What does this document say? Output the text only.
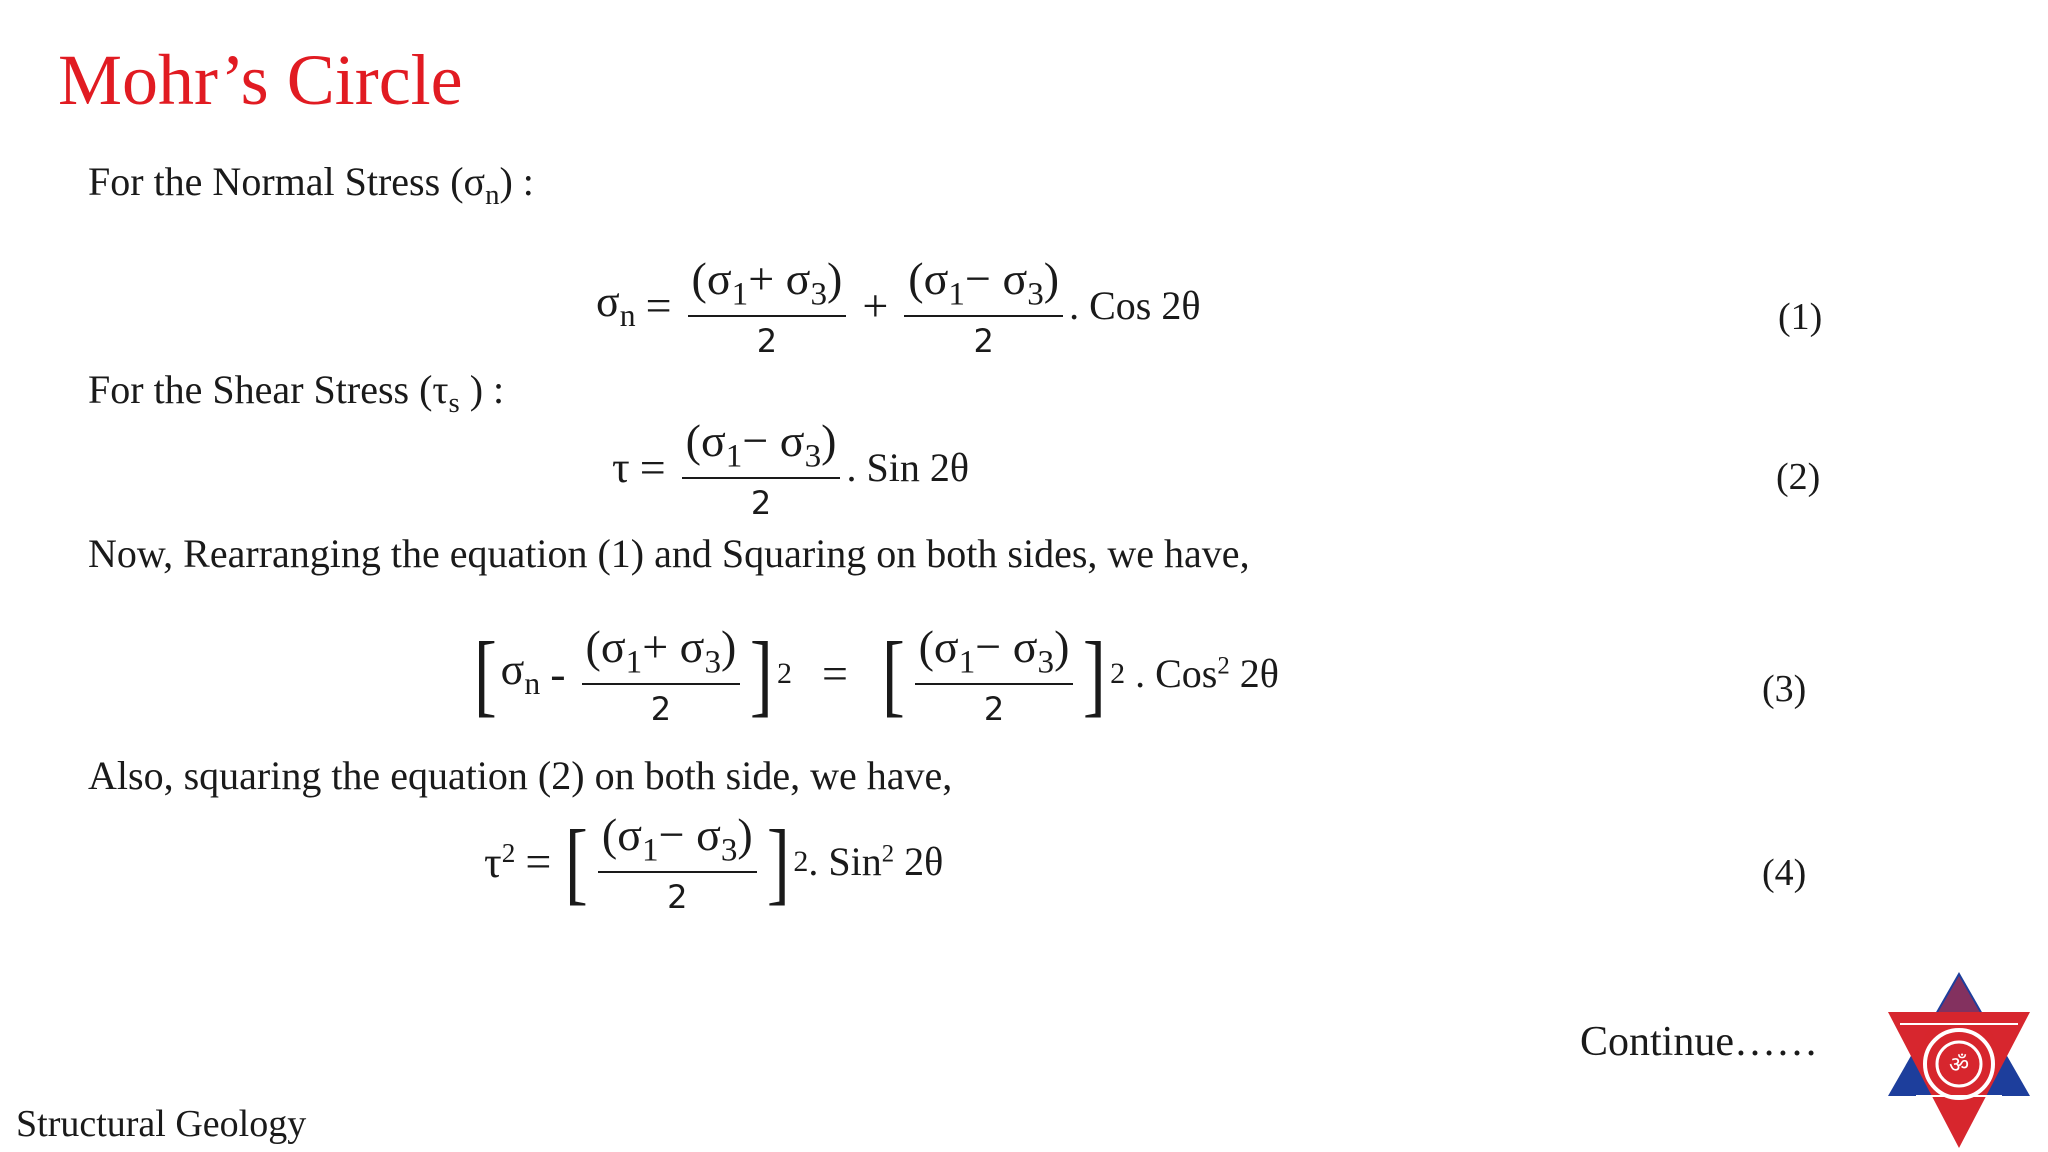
Mohr’s Circle
For the Normal Stress $(\sigma_n)$ :
$\sigma_n = \frac{(\sigma_1+ \sigma_3)}{2} + \frac{(\sigma_1- \sigma_3)}{2}$ . Cos 2θ	(1)
For the Shear Stress ($\tau_s$ ) :
$\tau = \frac{(\sigma_1- \sigma_3)}{2}$ . Sin 2θ	(2)
Now, Rearranging the equation (1) and Squaring on both sides, we have,
[ $\sigma_n - \frac{(\sigma_1+ \sigma_3)}{2}$ ] 2 = [ $\frac{(\sigma_1- \sigma_3)}{2}$ ] 2 . Cos$^2$ 2θ	(3)
Also, squaring the equation (2) on both side, we have,
$\tau^2$ = [ $\frac{(\sigma_1- \sigma_3)}{2}$ ] 2 . Sin$^2$ 2θ	(4)
Continue……
Structural Geology
ॐ
